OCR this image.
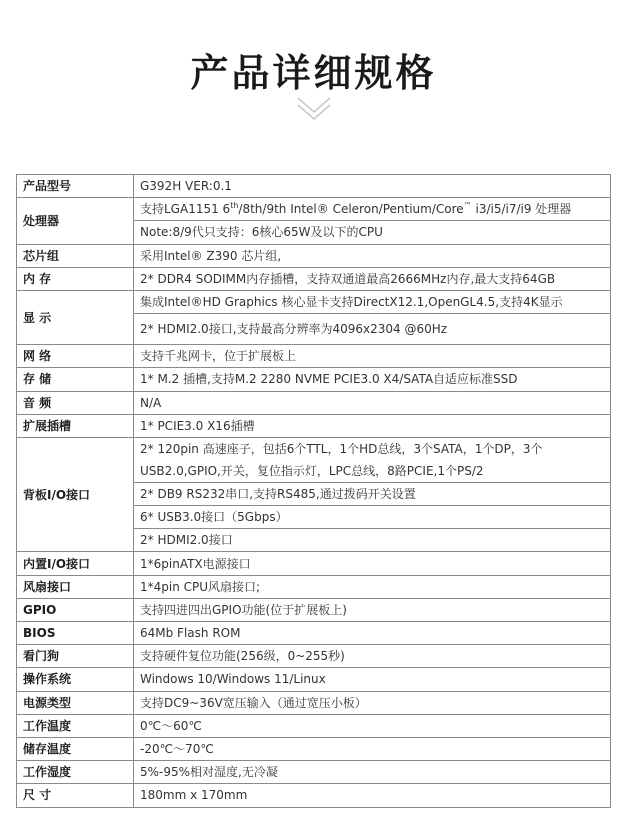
产品详细规格
产品型号	G392H VER:0.1
处理器	支持LGA1151 6th/8th/9th Intel® Celeron/Pentium/Core™ i3/i5/i7/i9 处理器
	Note:8/9代只支持：6核心65W及以下的CPU
芯片组	采用Intel® Z390 芯片组,
内 存	2* DDR4 SODIMM内存插槽，支持双通道最高2666MHz内存,最大支持64GB
显 示	集成Intel®HD Graphics 核心显卡支持DirectX12.1,OpenGL4.5,支持4K显示
	2* HDMI2.0接口,支持最高分辨率为4096x2304 @60Hz
网 络	支持千兆网卡，位于扩展板上
存 储	1* M.2 插槽,支持M.2 2280 NVME PCIE3.0 X4/SATA自适应标准SSD
音 频	N/A
扩展插槽	1* PCIE3.0 X16插槽
背板I/O接口	2* 120pin 高速座子，包括6个TTL，1个HD总线，3个SATA，1个DP，3个
USB2.0,GPIO,开关，复位指示灯，LPC总线，8路PCIE,1个PS/2

	2* DB9 RS232串口,支持RS485,通过拨码开关设置
	6* USB3.0接口（5Gbps）
	2* HDMI2.0接口
内置I/O接口	1*6pinATX电源接口
风扇接口	1*4pin CPU风扇接口;
GPIO	支持四进四出GPIO功能(位于扩展板上)
BIOS	64Mb Flash ROM
看门狗	支持硬件复位功能(256级，0~255秒)
操作系统	Windows 10/Windows 11/Linux
电源类型	支持DC9~36V宽压输入（通过宽压小板）
工作温度	0℃～60℃
储存温度	-20℃～70℃
工作湿度	5%-95%相对湿度,无冷凝
尺 寸	180mm x 170mm
